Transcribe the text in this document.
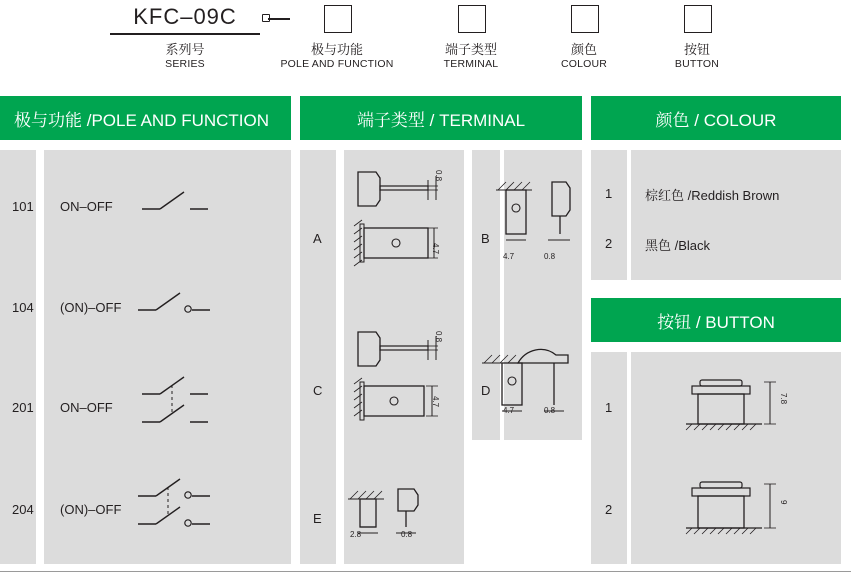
KFC–09C
系列号
SERIES
极与功能
POLE AND FUNCTION
端子类型
TERMINAL
颜色
COLOUR
按钮
BUTTON
极与功能 /POLE AND FUNCTION
101 ON–OFF
104 (ON)–OFF
201 ON–OFF
204 (ON)–OFF
端子类型 / TERMINAL
A
0.8
4.7
B
4.7	0.8
C
0.8
4.7
D
4.7	0.8
E
2.8	0.8
颜色 / COLOUR
1	棕红色 /Reddish Brown
2	黑色 /Black
按钮 / BUTTON
1
7.8
2	9
